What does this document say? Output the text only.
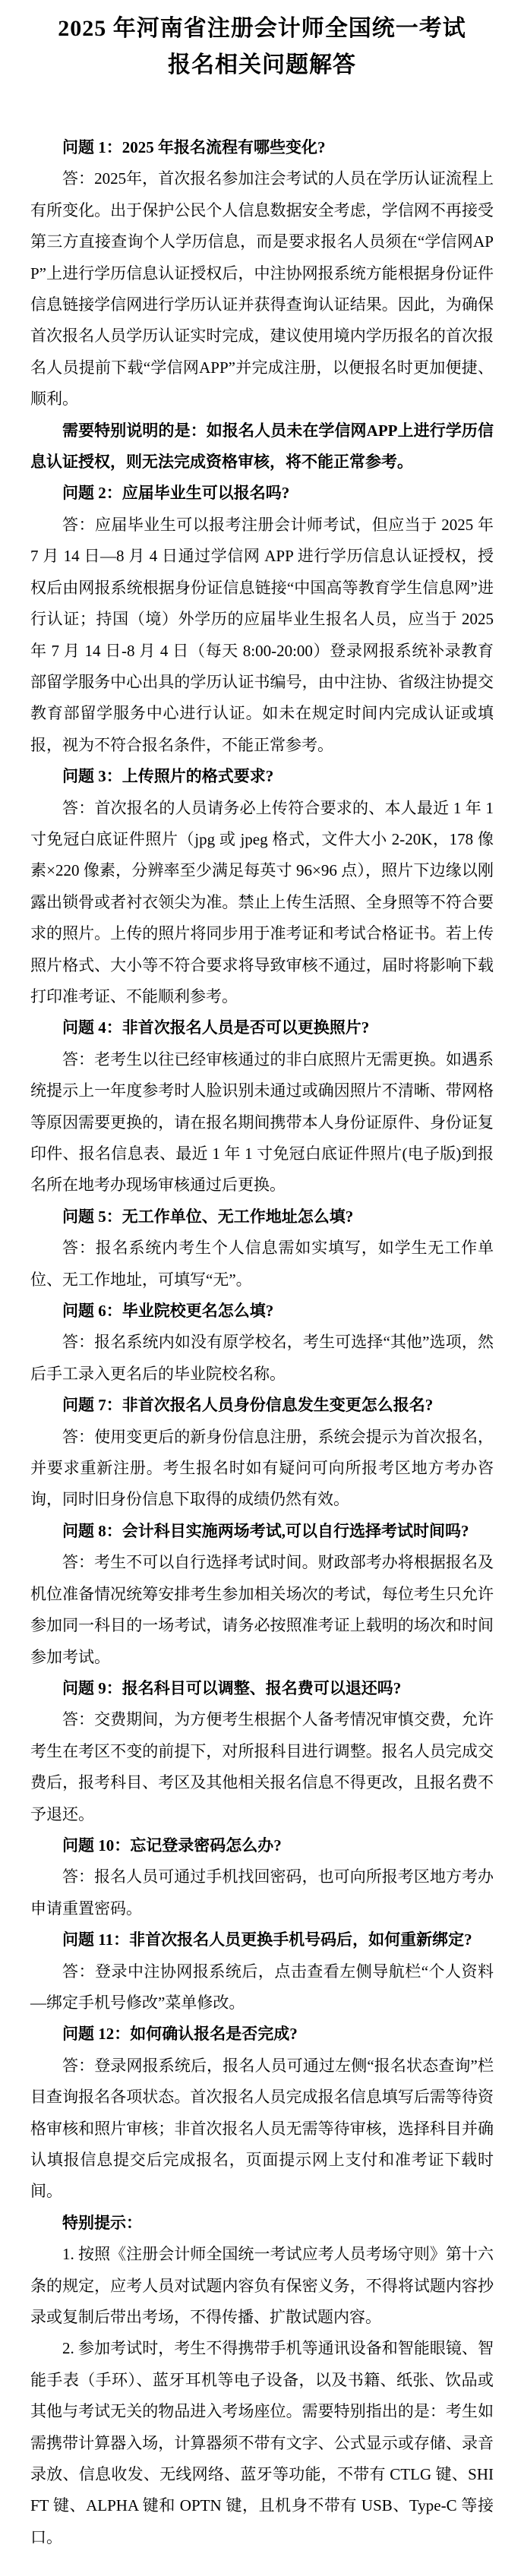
2025 年河南省注册会计师全国统一考试
报名相关问题解答

问题 1：2025 年报名流程有哪些变化?

答：2025年，首次报名参加注会考试的人员在学历认证流程上有所变化。出于保护公民个人信息数据安全考虑，学信网不再接受第三方直接查询个人学历信息，而是要求报名人员须在“学信网APP”上进行学历信息认证授权后，中注协网报系统方能根据身份证件信息链接学信网进行学历认证并获得查询认证结果。因此，为确保首次报名人员学历认证实时完成，建议使用境内学历报名的首次报名人员提前下载“学信网APP”并完成注册，以便报名时更加便捷、顺利。

需要特别说明的是：如报名人员未在学信网APP上进行学历信息认证授权，则无法完成资格审核，将不能正常参考。

问题 2：应届毕业生可以报名吗?

答：应届毕业生可以报考注册会计师考试，但应当于 2025 年 7 月 14 日—8 月 4 日通过学信网 APP 进行学历信息认证授权，授权后由网报系统根据身份证信息链接“中国高等教育学生信息网”进行认证；持国（境）外学历的应届毕业生报名人员，应当于 2025 年 7 月 14 日-8 月 4 日（每天 8:00-20:00）登录网报系统补录教育部留学服务中心出具的学历认证书编号，由中注协、省级注协提交教育部留学服务中心进行认证。如未在规定时间内完成认证或填报，视为不符合报名条件，不能正常参考。

问题 3：上传照片的格式要求?

答：首次报名的人员请务必上传符合要求的、本人最近 1 年 1 寸免冠白底证件照片（jpg 或 jpeg 格式，文件大小 2-20K，178 像素×220 像素，分辨率至少满足每英寸 96×96 点），照片下边缘以刚露出锁骨或者衬衣领尖为准。禁止上传生活照、全身照等不符合要求的照片。上传的照片将同步用于准考证和考试合格证书。若上传照片格式、大小等不符合要求将导致审核不通过，届时将影响下载打印准考证、不能顺利参考。

问题 4：非首次报名人员是否可以更换照片?

答：老考生以往已经审核通过的非白底照片无需更换。如遇系统提示上一年度参考时人脸识别未通过或确因照片不清晰、带网格等原因需要更换的，请在报名期间携带本人身份证原件、身份证复印件、报名信息表、最近 1 年 1 寸免冠白底证件照片(电子版)到报名所在地考办现场审核通过后更换。

问题 5：无工作单位、无工作地址怎么填?

答：报名系统内考生个人信息需如实填写，如学生无工作单位、无工作地址，可填写“无”。

问题 6：毕业院校更名怎么填?

答：报名系统内如没有原学校名，考生可选择“其他”选项，然后手工录入更名后的毕业院校名称。

问题 7：非首次报名人员身份信息发生变更怎么报名?

答：使用变更后的新身份信息注册，系统会提示为首次报名，并要求重新注册。考生报名时如有疑问可向所报考区地方考办咨询，同时旧身份信息下取得的成绩仍然有效。

问题 8：会计科目实施两场考试,可以自行选择考试时间吗?

答：考生不可以自行选择考试时间。财政部考办将根据报名及机位准备情况统筹安排考生参加相关场次的考试，每位考生只允许参加同一科目的一场考试，请务必按照准考证上载明的场次和时间参加考试。

问题 9：报名科目可以调整、报名费可以退还吗?

答：交费期间，为方便考生根据个人备考情况审慎交费，允许考生在考区不变的前提下，对所报科目进行调整。报名人员完成交费后，报考科目、考区及其他相关报名信息不得更改，且报名费不予退还。

问题 10：忘记登录密码怎么办?

答：报名人员可通过手机找回密码，也可向所报考区地方考办申请重置密码。

问题 11：非首次报名人员更换手机号码后，如何重新绑定?

答：登录中注协网报系统后，点击查看左侧导航栏“个人资料—绑定手机号修改”菜单修改。

问题 12：如何确认报名是否完成?

答：登录网报系统后，报名人员可通过左侧“报名状态查询”栏目查询报名各项状态。首次报名人员完成报名信息填写后需等待资格审核和照片审核；非首次报名人员无需等待审核，选择科目并确认填报信息提交后完成报名，页面提示网上支付和准考证下载时间。

特别提示：

1. 按照《注册会计师全国统一考试应考人员考场守则》第十六条的规定，应考人员对试题内容负有保密义务，不得将试题内容抄录或复制后带出考场，不得传播、扩散试题内容。

2. 参加考试时，考生不得携带手机等通讯设备和智能眼镜、智能手表（手环）、蓝牙耳机等电子设备，以及书籍、纸张、饮品或其他与考试无关的物品进入考场座位。需要特别指出的是：考生如需携带计算器入场，计算器须不带有文字、公式显示或存储、录音录放、信息收发、无线网络、蓝牙等功能，不带有 CTLG 键、SHIFT 键、ALPHA 键和 OPTN 键，且机身不带有 USB、Type-C 等接口。
